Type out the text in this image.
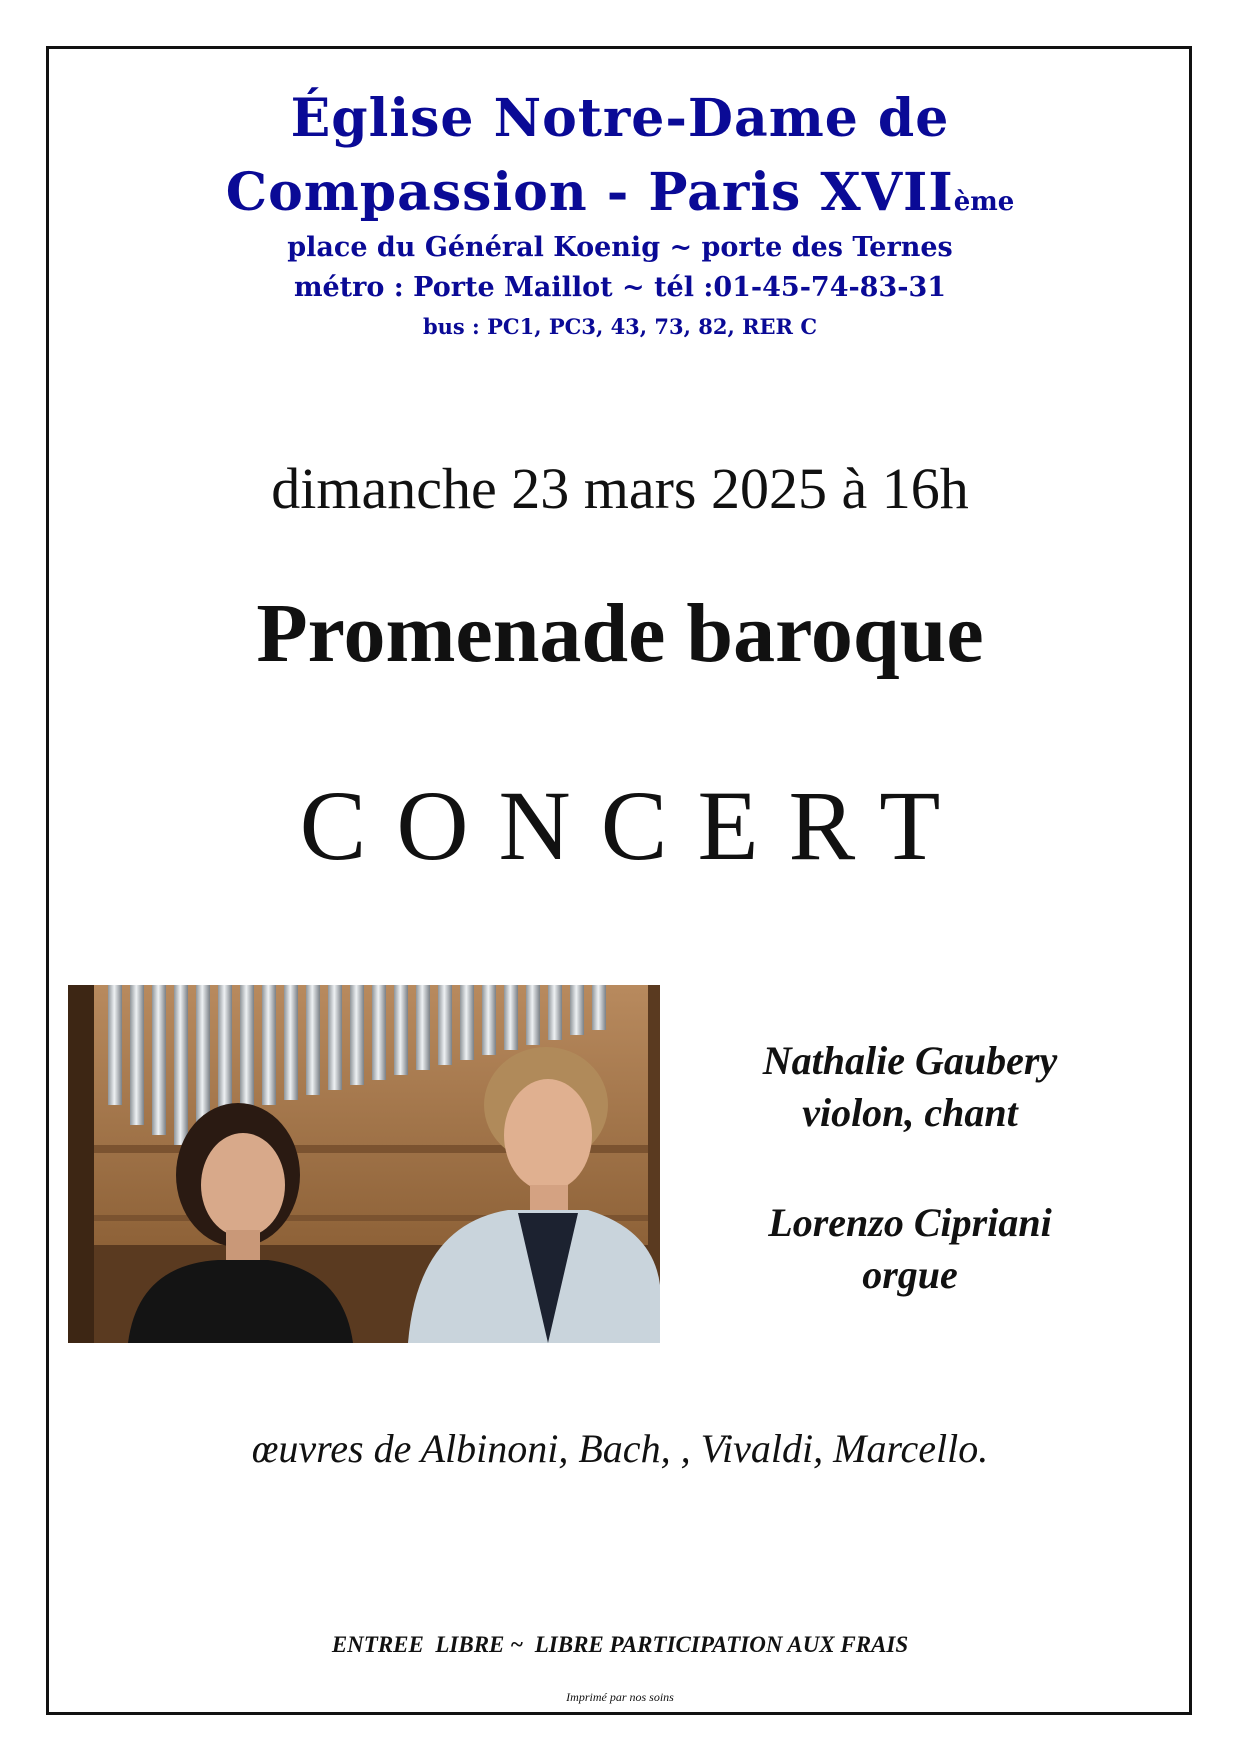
Église Notre-Dame de
Compassion - Paris XVIIème
place du Général Koenig ~ porte des Ternes
métro : Porte Maillot ~ tél :01-45-74-83-31
bus : PC1, PC3, 43, 73, 82, RER C
dimanche 23 mars 2025 à 16h
Promenade baroque
CONCERT
Nathalie Gaubery
violon, chant
Lorenzo Cipriani
orgue
œuvres de Albinoni, Bach, , Vivaldi, Marcello.
ENTREE  LIBRE ~  LIBRE PARTICIPATION AUX FRAIS
Imprimé par nos soins
